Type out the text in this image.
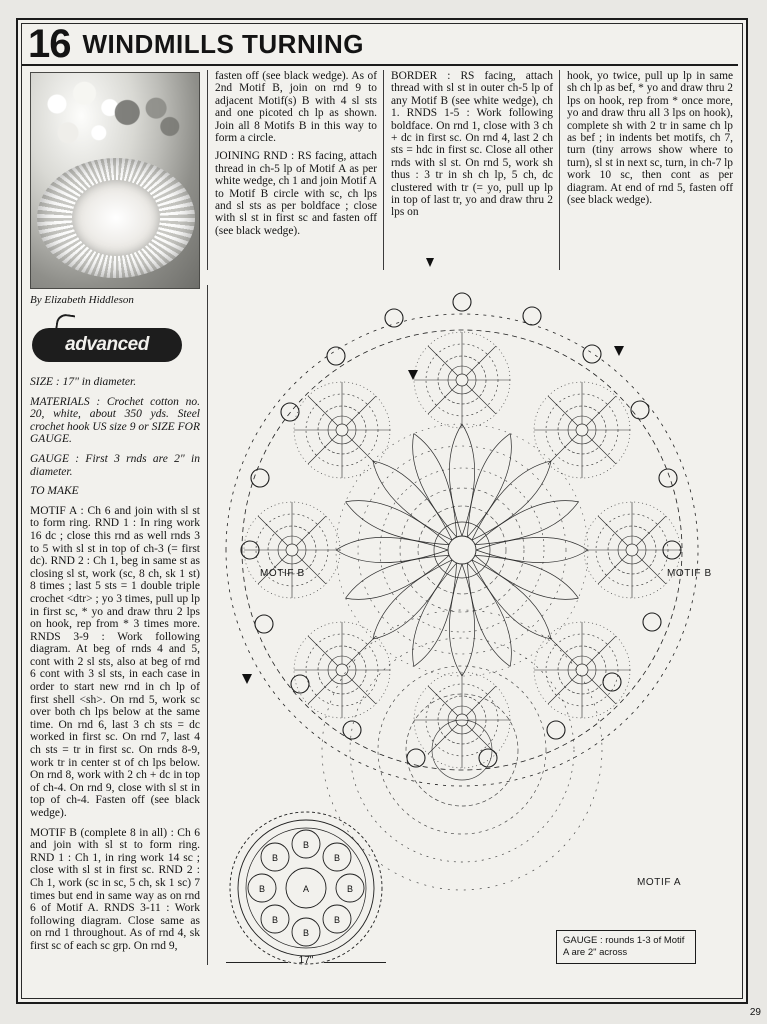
16 WINDMILLS TURNING
By Elizabeth Hiddleson
advanced

SIZE : 17" in diameter.

MATERIALS : Crochet cotton no. 20, white, about 350 yds. Steel crochet hook US size 9 or SIZE FOR GAUGE.

GAUGE : First 3 rnds are 2" in diameter.

TO MAKE

MOTIF A : Ch 6 and join with sl st to form ring. RND 1 : In ring work 16 dc ; close this rnd as well rnds 3 to 5 with sl st in top of ch-3 (= first dc). RND 2 : Ch 1, beg in same st as closing sl st, work (sc, 8 ch, sk 1 st) 8 times ; last 5 sts = 1 double triple crochet <dtr> ; yo 3 times, pull up lp in first sc, * yo and draw thru 2 lps on hook, rep from * 3 times more. RNDS 3-9 : Work following diagram. At beg of rnds 4 and 5, cont with 2 sl sts, also at beg of rnd 6 cont with 3 sl sts, in each case in order to start new rnd in ch lp of first shell <sh>. On rnd 5, work sc over both ch lps below at the same time. On rnd 6, last 3 ch sts = dc worked in first sc. On rnd 7, last 4 ch sts = tr in first sc. On rnds 8-9, work tr in center st of ch lps below. On rnd 8, work with 2 ch + dc in top of ch-4. On rnd 9, close with sl st in top of ch-4. Fasten off (see black wedge).

MOTIF B (complete 8 in all) : Ch 6 and join with sl st to form ring. RND 1 : Ch 1, in ring work 14 sc ; close with sl st in first sc. RND 2 : Ch 1, work (sc in sc, 5 ch, sk 1 sc) 7 times but end in same way as on rnd 6 of Motif A. RNDS 3-11 : Work following diagram. Close same as on rnd 1 throughout. As of rnd 4, sk first sc of each sc grp. On rnd 9,

fasten off (see black wedge). As of 2nd Motif B, join on rnd 9 to adjacent Motif(s) B with 4 sl sts and one picoted ch lp as shown. Join all 8 Motifs B in this way to form a circle.

JOINING RND : RS facing, attach thread in ch-5 lp of Motif A as per white wedge, ch 1 and join Motif A to Motif B circle with sc, ch lps and sl sts as per boldface ; close with sl st in first sc and fasten off (see black wedge).

BORDER : RS facing, attach thread with sl st in outer ch-5 lp of any Motif B (see white wedge), ch 1. RNDS 1-5 : Work following boldface. On rnd 1, close with 3 ch + dc in first sc. On rnd 4, last 2 ch sts = hdc in first sc. Close all other rnds with sl st. On rnd 5, work sh thus : 3 tr in sh ch lp, 5 ch, dc clustered with tr (= yo, pull up lp in top of last tr, yo and draw thru 2 lps on

hook, yo twice, pull up lp in same sh ch lp as bef, * yo and draw thru 2 lps on hook, rep from * once more, yo and draw thru all 3 lps on hook), complete sh with 2 tr in same ch lp as bef ; in indents bet motifs, ch 7, turn (tiny arrows show where to turn), sl st in next sc, turn, in ch-7 lp work 10 sc, then cont as per diagram. At end of rnd 5, fasten off (see black wedge).

MOTIF B	MOTIF B
MOTIF A
A
B
B
B
B
B
B
B
B
17"
GAUGE : rounds 1-3 of Motif A are 2" across
29
